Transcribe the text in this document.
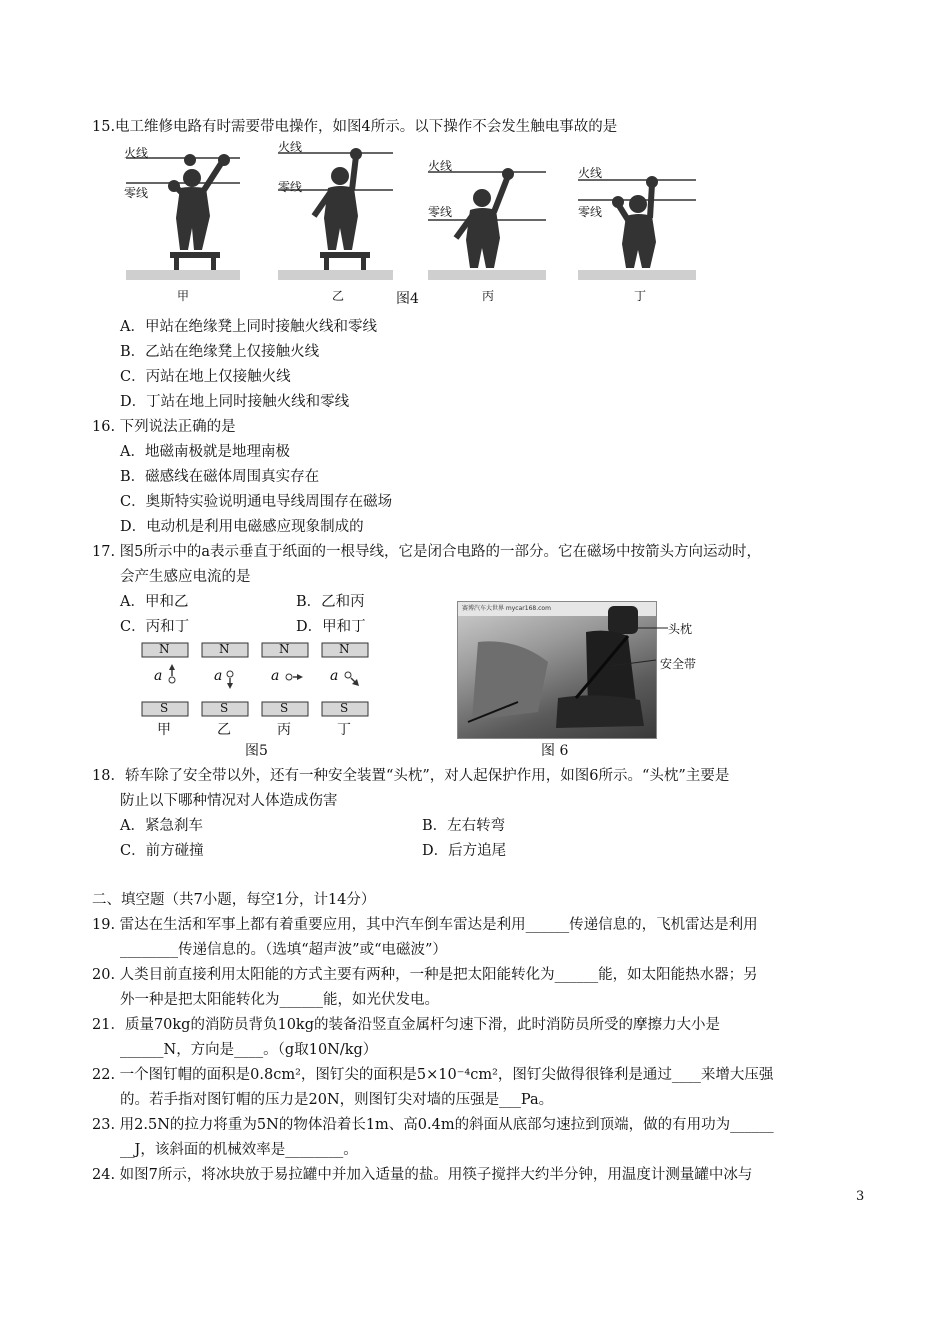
15.电工维修电路有时需要带电操作，如图4所示。以下操作不会发生触电事故的是
火线
零线
火线
零线
火线
零线
火线
零线
甲	乙	图4	丙	丁
A．甲站在绝缘凳上同时接触火线和零线
B．乙站在绝缘凳上仅接触火线
C．丙站在地上仅接触火线
D．丁站在地上同时接触火线和零线
16. 下列说法正确的是
A．地磁南极就是地理南极
B．磁感线在磁体周围真实存在
C．奥斯特实验说明通电导线周围存在磁场
D．电动机是利用电磁感应现象制成的
17. 图5所示中的a表示垂直于纸面的一根导线，它是闭合电路的一部分。它在磁场中按箭头方向运动时，
会产生感应电流的是
A．甲和乙	B．乙和丙
C．丙和丁	D．甲和丁
N	N	N	N
a	a	a	a
S	S	S	S
甲	乙	丙	丁
图5
赛博汽车大世界 mycar168.com
头枕
安全带
图 6
18．轿车除了安全带以外，还有一种安全装置“头枕”，对人起保护作用，如图6所示。“头枕”主要是
防止以下哪种情况对人体造成伤害
A．紧急刹车	B．左右转弯
C．前方碰撞	D．后方追尾
二、填空题（共7小题，每空1分，计14分）
19. 雷达在生活和军事上都有着重要应用，其中汽车倒车雷达是利用______传递信息的，飞机雷达是利用
________传递信息的。（选填“超声波”或“电磁波”）
20. 人类目前直接利用太阳能的方式主要有两种，一种是把太阳能转化为______能，如太阳能热水器；另
外一种是把太阳能转化为______能，如光伏发电。
21．质量70kg的消防员背负10kg的装备沿竖直金属杆匀速下滑，此时消防员所受的摩擦力大小是
______N，方向是____。（g取10N/kg）
22. 一个图钉帽的面积是0.8cm²，图钉尖的面积是5×10⁻⁴cm²，图钉尖做得很锋利是通过____来增大压强
的。若手指对图钉帽的压力是20N，则图钉尖对墙的压强是___Pa。
23. 用2.5N的拉力将重为5N的物体沿着长1m、高0.4m的斜面从底部匀速拉到顶端，做的有用功为______
__J，该斜面的机械效率是________。
24. 如图7所示，将冰块放于易拉罐中并加入适量的盐。用筷子搅拌大约半分钟，用温度计测量罐中冰与
3
